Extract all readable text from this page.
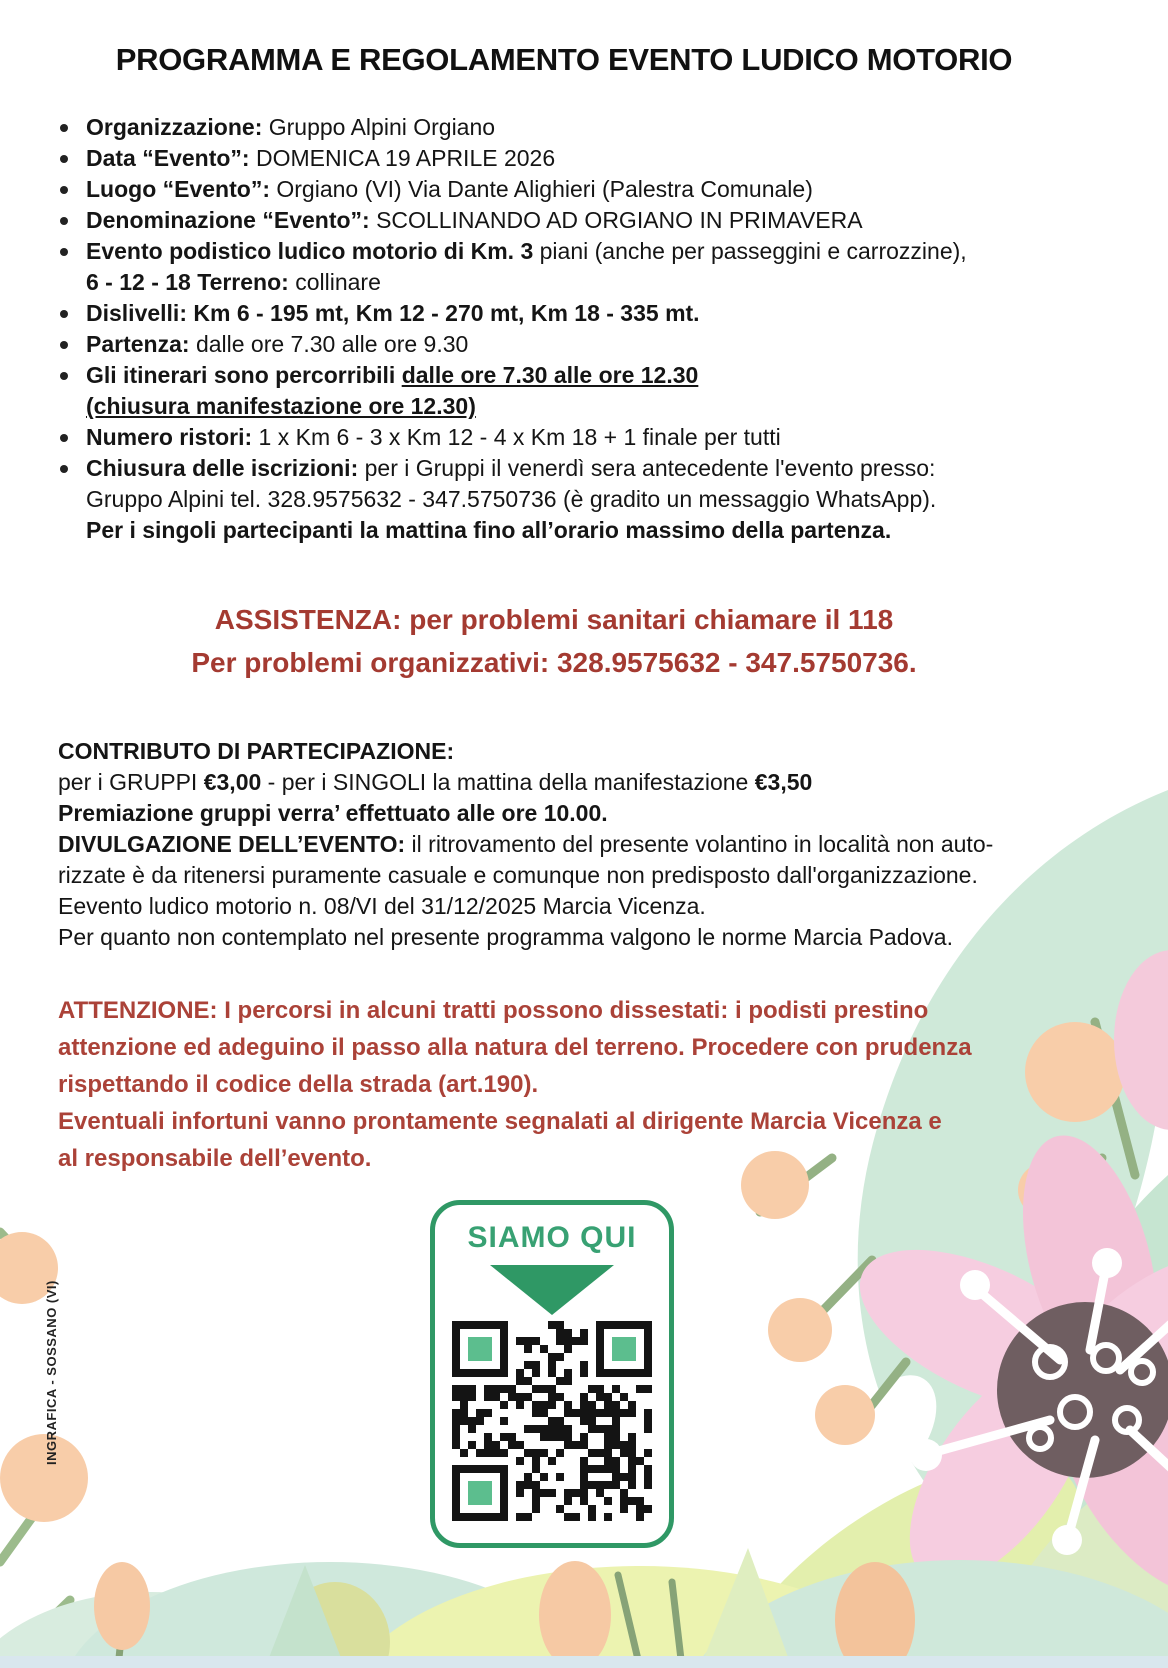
PROGRAMMA E REGOLAMENTO EVENTO LUDICO MOTORIO
Organizzazione: Gruppo Alpini Orgiano
Data “Evento”: DOMENICA 19 APRILE 2026
Luogo “Evento”: Orgiano (VI) Via Dante Alighieri (Palestra Comunale)
Denominazione “Evento”: SCOLLINANDO AD ORGIANO IN PRIMAVERA
Evento podistico ludico motorio di Km. 3 piani (anche per passeggini e carrozzine),
6 - 12 - 18 Terreno: collinare
Dislivelli: Km 6 - 195 mt, Km 12 - 270 mt, Km 18 - 335 mt.
Partenza: dalle ore 7.30 alle ore 9.30
Gli itinerari sono percorribili dalle ore 7.30 alle ore 12.30
(chiusura manifestazione ore 12.30)
Numero ristori: 1 x Km 6 - 3 x Km 12 - 4 x Km 18 + 1 finale per tutti
Chiusura delle iscrizioni: per i Gruppi il venerdì sera antecedente l'evento presso:
Gruppo Alpini tel. 328.9575632 - 347.5750736 (è gradito un messaggio WhatsApp).
Per i singoli partecipanti la mattina fino all’orario massimo della partenza.
ASSISTENZA: per problemi sanitari chiamare il 118
Per problemi organizzativi: 328.9575632 - 347.5750736.
CONTRIBUTO DI PARTECIPAZIONE:
per i GRUPPI €3,00 - per i SINGOLI la mattina della manifestazione €3,50
Premiazione gruppi verra’ effettuato alle ore 10.00.
DIVULGAZIONE DELL’EVENTO: il ritrovamento del presente volantino in località non auto-
rizzate è da ritenersi puramente casuale e comunque non predisposto dall'organizzazione.
Eevento ludico motorio n. 08/VI del 31/12/2025 Marcia Vicenza.
Per quanto non contemplato nel presente programma valgono le norme Marcia Padova.
ATTENZIONE: I percorsi in alcuni tratti possono dissestati: i podisti prestino
attenzione ed adeguino il passo alla natura del terreno. Procedere con prudenza
rispettando il codice della strada (art.190).
Eventuali infortuni vanno prontamente segnalati al dirigente Marcia Vicenza e
al responsabile dell’evento.
SIAMO QUI
INGRAFICA - SOSSANO (VI)
